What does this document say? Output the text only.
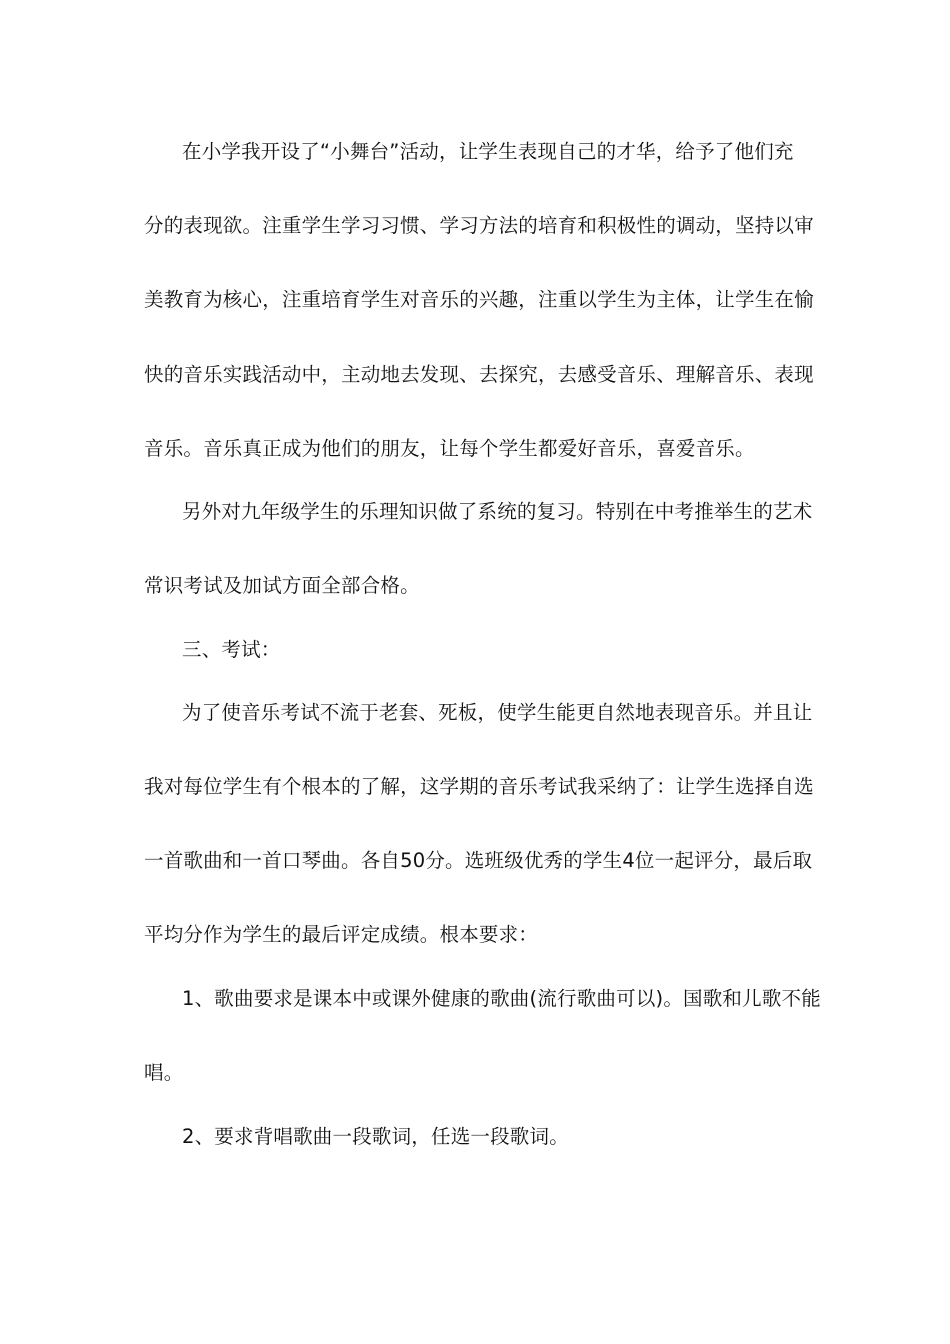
在小学我开设了“小舞台”活动，让学生表现自己的才华，给予了他们充
分的表现欲。注重学生学习习惯、学习方法的培育和积极性的调动，坚持以审
美教育为核心，注重培育学生对音乐的兴趣，注重以学生为主体，让学生在愉
快的音乐实践活动中，主动地去发现、去探究，去感受音乐、理解音乐、表现
音乐。音乐真正成为他们的朋友，让每个学生都爱好音乐，喜爱音乐。
另外对九年级学生的乐理知识做了系统的复习。特别在中考推举生的艺术
常识考试及加试方面全部合格。
三、考试：
为了使音乐考试不流于老套、死板，使学生能更自然地表现音乐。并且让
我对每位学生有个根本的了解，这学期的音乐考试我采纳了：让学生选择自选
一首歌曲和一首口琴曲。各自50分。选班级优秀的学生4位一起评分，最后取
平均分作为学生的最后评定成绩。根本要求：
1、歌曲要求是课本中或课外健康的歌曲(流行歌曲可以)。国歌和儿歌不能
唱。
2、要求背唱歌曲一段歌词，任选一段歌词。
